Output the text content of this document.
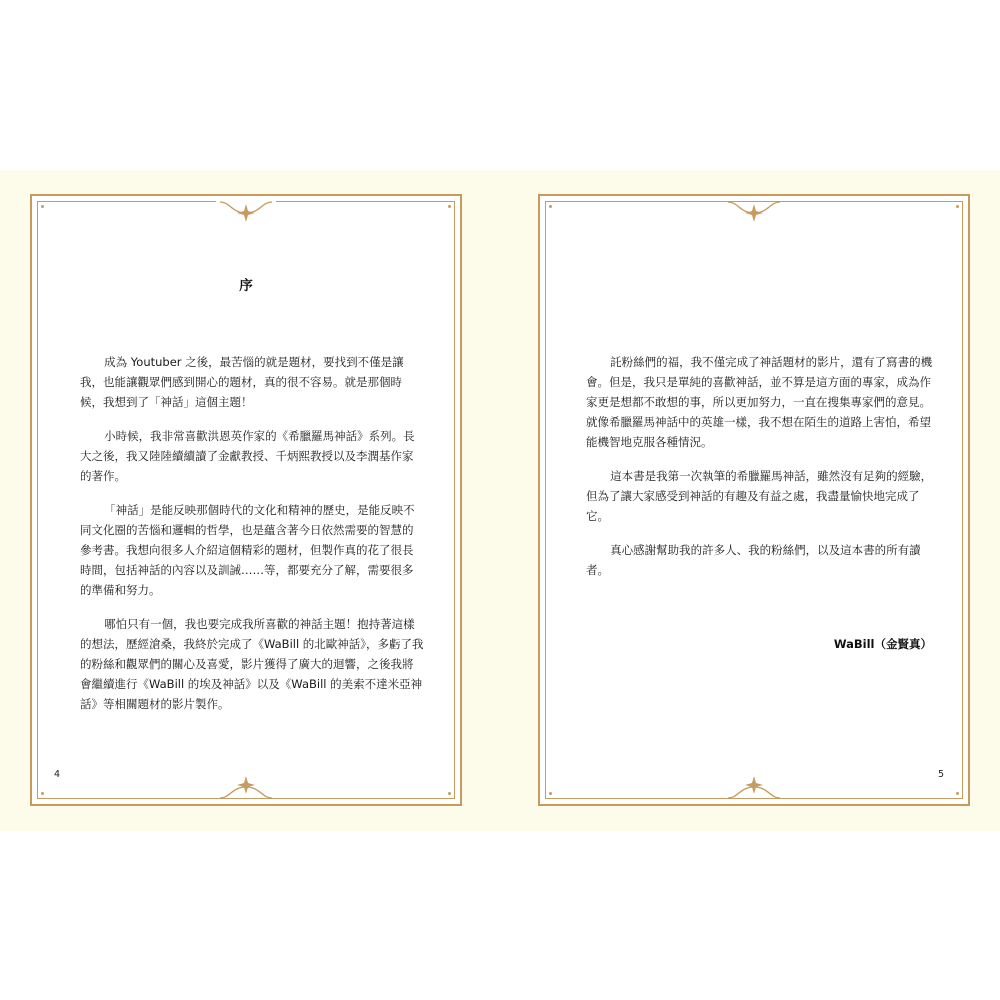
序

成為 Youtuber 之後，最苦惱的就是題材，要找到不僅是讓我，也能讓觀眾們感到開心的題材，真的很不容易。就是那個時候，我想到了「神話」這個主題！

小時候，我非常喜歡洪恩英作家的《希臘羅馬神話》系列。長大之後，我又陸陸續續讀了金獻教授、千炳熙教授以及李潤基作家的著作。

「神話」是能反映那個時代的文化和精神的歷史，是能反映不同文化圈的苦惱和邏輯的哲學，也是蘊含著今日依然需要的智慧的參考書。我想向很多人介紹這個精彩的題材，但製作真的花了很長時間，包括神話的內容以及訓誡……等，都要充分了解，需要很多的準備和努力。

哪怕只有一個，我也要完成我所喜歡的神話主題！抱持著這樣的想法，歷經滄桑，我終於完成了《WaBill 的北歐神話》，多虧了我的粉絲和觀眾們的關心及喜愛，影片獲得了廣大的迴響，之後我將會繼續進行《WaBill 的埃及神話》以及《WaBill 的美索不達米亞神話》等相關題材的影片製作。

4

託粉絲們的福，我不僅完成了神話題材的影片，還有了寫書的機會。但是，我只是單純的喜歡神話，並不算是這方面的專家，成為作家更是想都不敢想的事，所以更加努力，一直在搜集專家們的意見。就像希臘羅馬神話中的英雄一樣，我不想在陌生的道路上害怕，希望能機智地克服各種情況。

這本書是我第一次執筆的希臘羅馬神話，雖然沒有足夠的經驗，但為了讓大家感受到神話的有趣及有益之處，我盡量愉快地完成了它。

真心感謝幫助我的許多人、我的粉絲們，以及這本書的所有讀者。

WaBill（金賢真）
5
